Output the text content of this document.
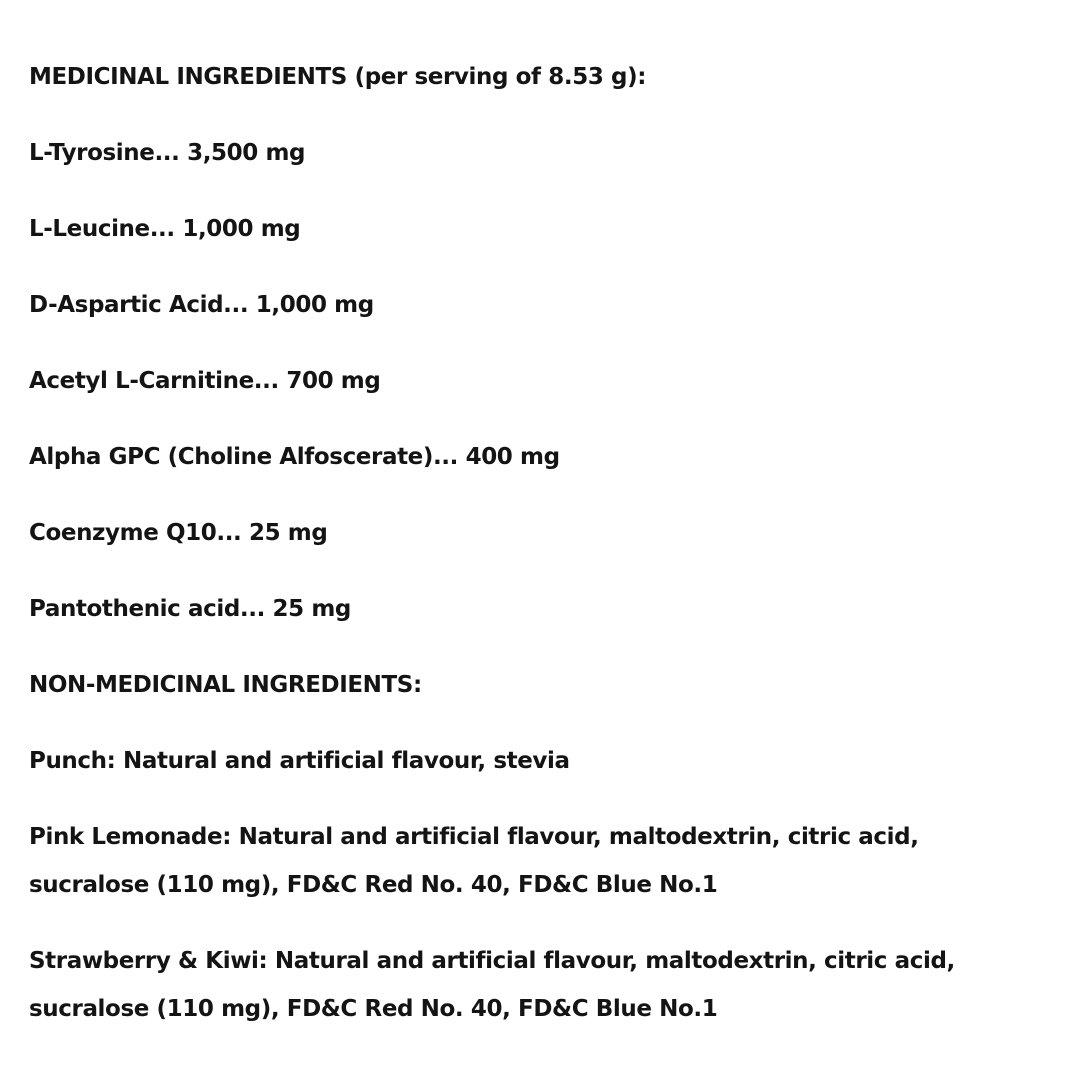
MEDICINAL INGREDIENTS (per serving of 8.53 g):

L-Tyrosine... 3,500 mg

L-Leucine... 1,000 mg

D-Aspartic Acid... 1,000 mg

Acetyl L-Carnitine... 700 mg

Alpha GPC (Choline Alfoscerate)... 400 mg

Coenzyme Q10... 25 mg

Pantothenic acid... 25 mg

NON-MEDICINAL INGREDIENTS:

Punch: Natural and artificial flavour, stevia

Pink Lemonade: Natural and artificial flavour, maltodextrin, citric acid, sucralose (110 mg), FD&C Red No. 40, FD&C Blue No.1

Strawberry & Kiwi: Natural and artificial flavour, maltodextrin, citric acid, sucralose (110 mg), FD&C Red No. 40, FD&C Blue No.1
